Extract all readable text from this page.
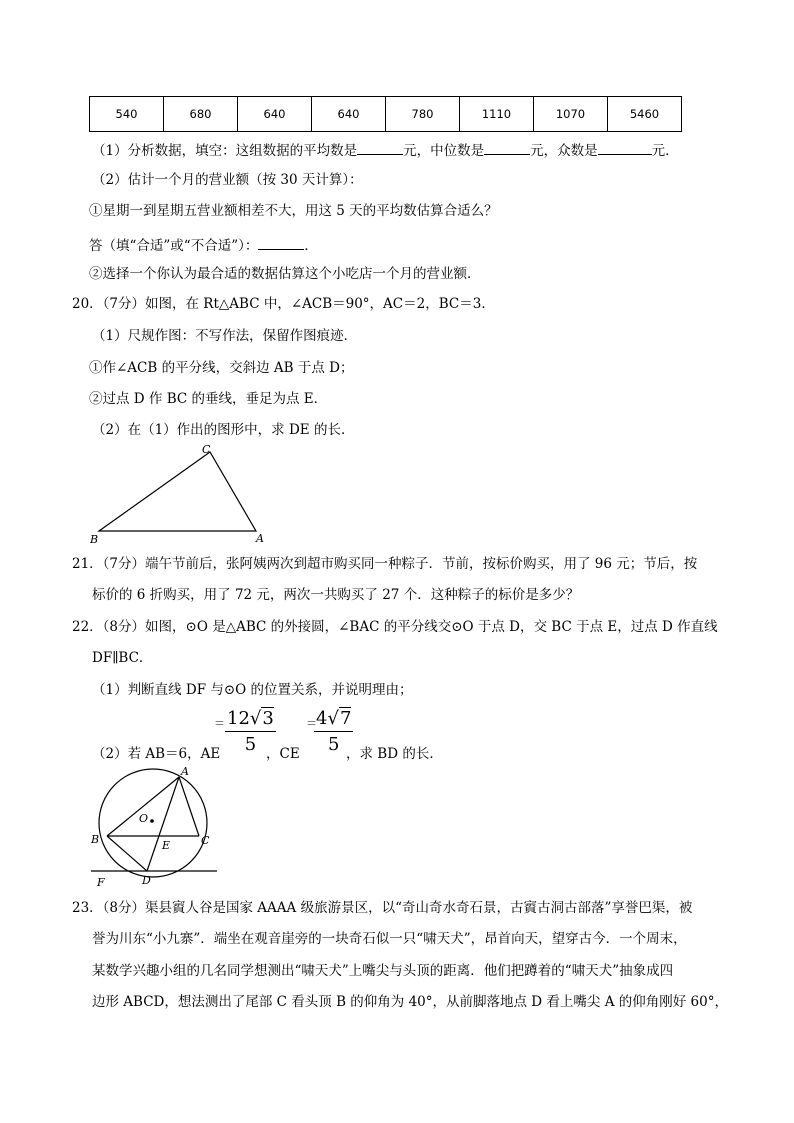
540	680	640	640	780	1110	1070	5460
（1）分析数据，填空：这组数据的平均数是	元，中位数是	元，众数是	元．
（2）估计一个月的营业额（按 30 天计算）：
①星期一到星期五营业额相差不大，用这 5 天的平均数估算合适么？
答（填“合适”或“不合适”）：	．
②选择一个你认为最合适的数据估算这个小吃店一个月的营业额．
20．（7分）如图，在 Rt△ABC 中，∠ACB＝90°，AC＝2，BC＝3．
（1）尺规作图：不写作法，保留作图痕迹．
①作∠ACB 的平分线，交斜边 AB 于点 D；
②过点 D 作 BC 的垂线，垂足为点 E．
（2）在（1）作出的图形中，求 DE 的长．
C
B	A
21．（7分）端午节前后，张阿姨两次到超市购买同一种粽子．节前，按标价购买，用了 96 元；节后，按
标价的 6 折购买，用了 72 元，两次一共购买了 27 个．这种粽子的标价是多少？
22．（8分）如图，⊙O 是△ABC 的外接圆，∠BAC 的平分线交⊙O 于点 D，交 BC 于点 E，过点 D 作直线
DF∥BC．
（1）判断直线 DF 与⊙O 的位置关系，并说明理由；
（2）若 AB＝6，AE
＝ $\frac{12√3}{5}$
，CE
＝
$\frac{4√7}{5}$
，求 BD 的长．
A
O
B	E	C
F	D
23．（8分）渠县賨人谷是国家 AAAA 级旅游景区，以“奇山奇水奇石景，古賨古洞古部落”享誉巴渠，被
誉为川东“小九寨”．端坐在观音崖旁的一块奇石似一只“啸天犬”，昂首向天，望穿古今．一个周末，
某数学兴趣小组的几名同学想测出“啸天犬”上嘴尖与头顶的距离．他们把蹲着的“啸天犬”抽象成四
边形 ABCD，想法测出了尾部 C 看头顶 B 的仰角为 40°，从前脚落地点 D 看上嘴尖 A 的仰角刚好 60°，
